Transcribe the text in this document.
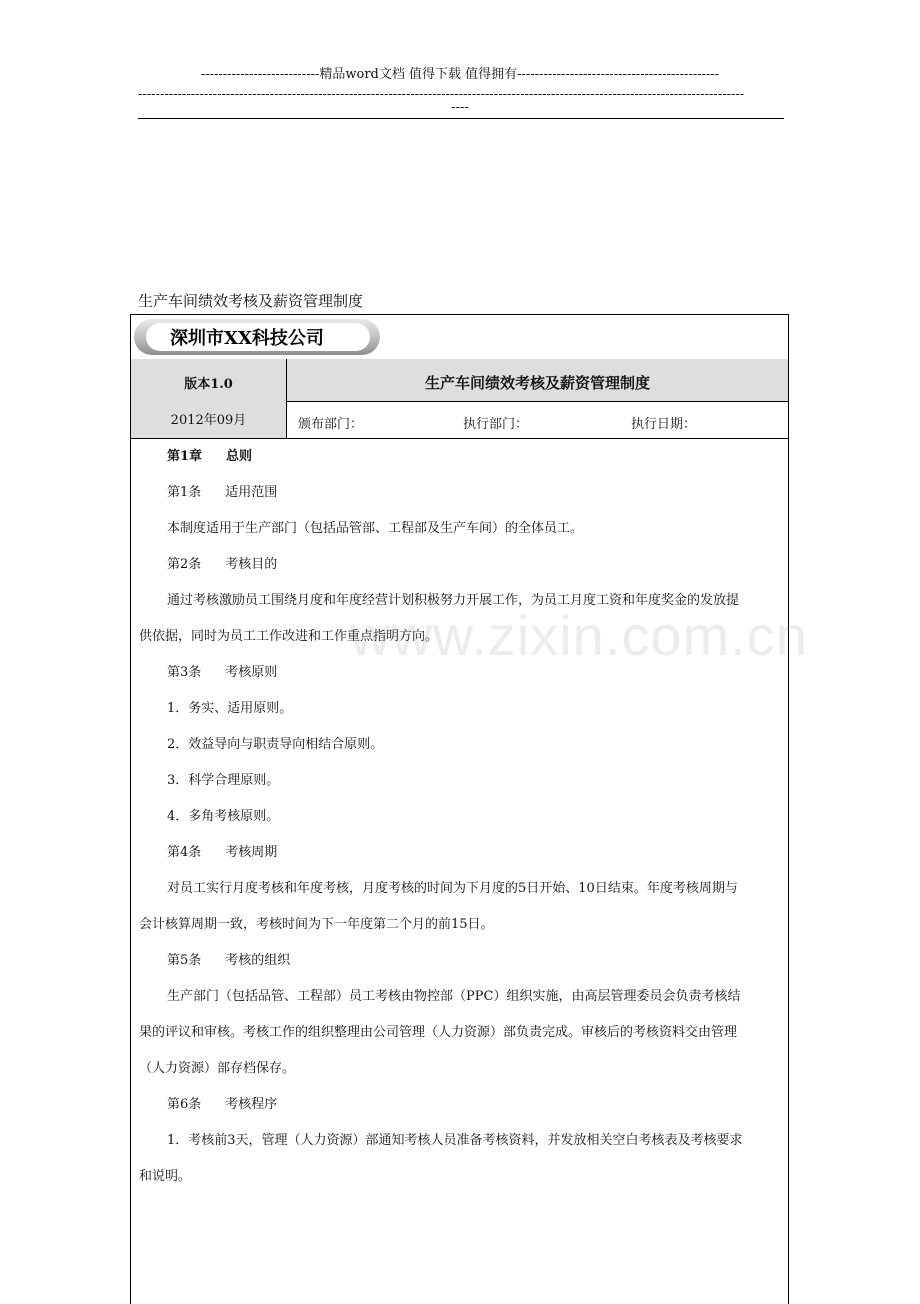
---------------------------精品word文档 值得下载 值得拥有----------------------------------------------
------------------------------------------------------------------------------------------------------------------------------------------
----
生产车间绩效考核及薪资管理制度
深圳市XX科技公司
版本1.0
2012年09月
生产车间绩效考核及薪资管理制度
颁布部门：	执行部门：	执行日期：

第1章 总则

第1条 适用范围

本制度适用于生产部门（包括品管部、工程部及生产车间）的全体员工。

第2条 考核目的

通过考核激励员工围绕月度和年度经营计划积极努力开展工作，为员工月度工资和年度奖金的发放提

供依据，同时为员工工作改进和工作重点指明方向。

第3条 考核原则

1．务实、适用原则。

2．效益导向与职责导向相结合原则。

3．科学合理原则。

4．多角考核原则。

第4条 考核周期

对员工实行月度考核和年度考核，月度考核的时间为下月度的5日开始、10日结束。年度考核周期与

会计核算周期一致，考核时间为下一年度第二个月的前15日。

第5条 考核的组织

生产部门（包括品管、工程部）员工考核由物控部（PPC）组织实施，由高层管理委员会负责考核结

果的评议和审核。考核工作的组织整理由公司管理（人力资源）部负责完成。审核后的考核资料交由管理

（人力资源）部存档保存。

第6条 考核程序

1．考核前3天，管理（人力资源）部通知考核人员准备考核资料，并发放相关空白考核表及考核要求

和说明。

www.zixin.com.cn
